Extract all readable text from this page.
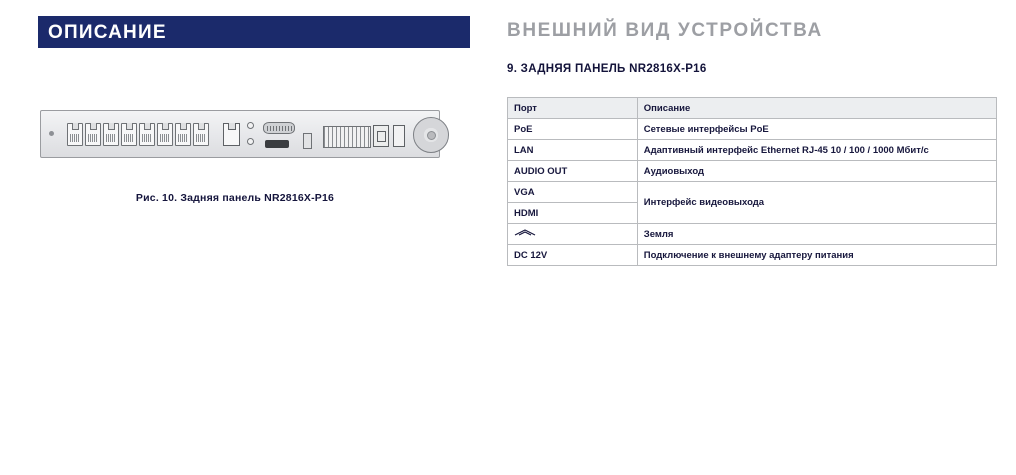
ОПИСАНИЕ
Рис. 10. Задняя панель NR2816X-P16
ВНЕШНИЙ ВИД УСТРОЙСТВА
9. ЗАДНЯЯ ПАНЕЛЬ NR2816X-P16
Порт	Описание
PoE	Сетевые интерфейсы PoE
LAN	Адаптивный интерфейс Ethernet RJ-45 10 / 100 / 1000 Мбит/с
AUDIO OUT	Аудиовыход
VGA	Интерфейс видеовыхода
HDMI	

	Земля
DC 12V	Подключение к внешнему адаптеру питания
